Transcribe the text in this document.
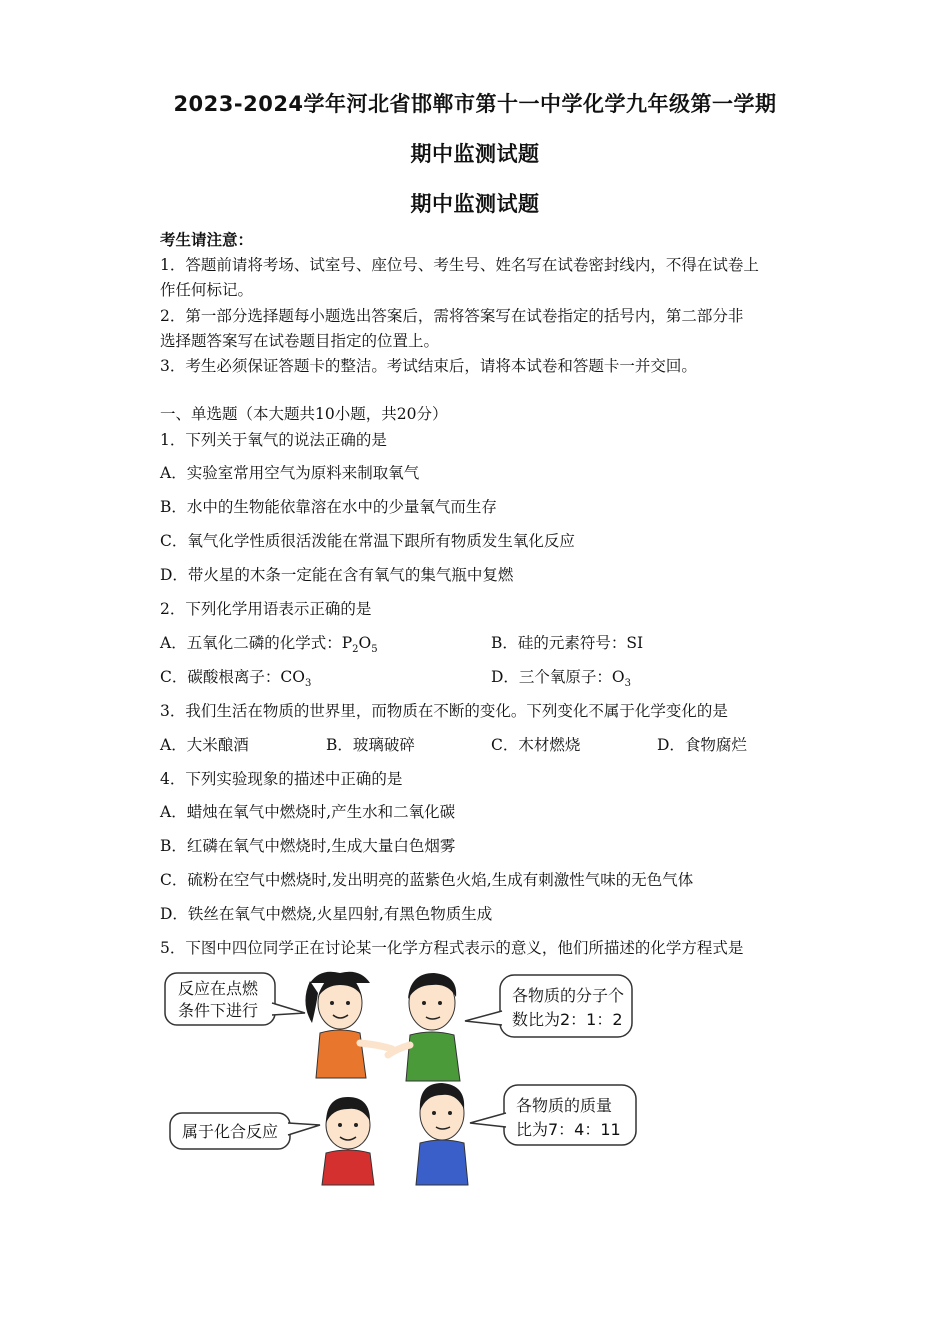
2023-2024学年河北省邯郸市第十一中学化学九年级第一学期
期中监测试题
期中监测试题
考生请注意：
1．答题前请将考场、试室号、座位号、考生号、姓名写在试卷密封线内，不得在试卷上
作任何标记。
2．第一部分选择题每小题选出答案后，需将答案写在试卷指定的括号内，第二部分非
选择题答案写在试卷题目指定的位置上。
3．考生必须保证答题卡的整洁。考试结束后，请将本试卷和答题卡一并交回。
一、单选题（本大题共10小题，共20分）
1．下列关于氧气的说法正确的是
A．实验室常用空气为原料来制取氧气
B．水中的生物能依靠溶在水中的少量氧气而生存
C．氧气化学性质很活泼能在常温下跟所有物质发生氧化反应
D．带火星的木条一定能在含有氧气的集气瓶中复燃
2．下列化学用语表示正确的是
A．五氧化二磷的化学式：$P_2O_5$	B．硅的元素符号：SI
C．碳酸根离子：$CO_3$	D．三个氧原子：$O_3$
3．我们生活在物质的世界里，而物质在不断的变化。下列变化不属于化学变化的是
A．大米酿酒	B．玻璃破碎	C．木材燃烧	D．食物腐烂
4．下列实验现象的描述中正确的是
A．蜡烛在氧气中燃烧时,产生水和二氧化碳
B．红磷在氧气中燃烧时,生成大量白色烟雾
C．硫粉在空气中燃烧时,发出明亮的蓝紫色火焰,生成有刺激性气味的无色气体
D．铁丝在氧气中燃烧,火星四射,有黑色物质生成
5．下图中四位同学正在讨论某一化学方程式表示的意义，他们所描述的化学方程式是
反应在点燃
条件下进行
各物质的分子个
数比为2：1：2
属于化合反应
各物质的质量
比为7：4：11
